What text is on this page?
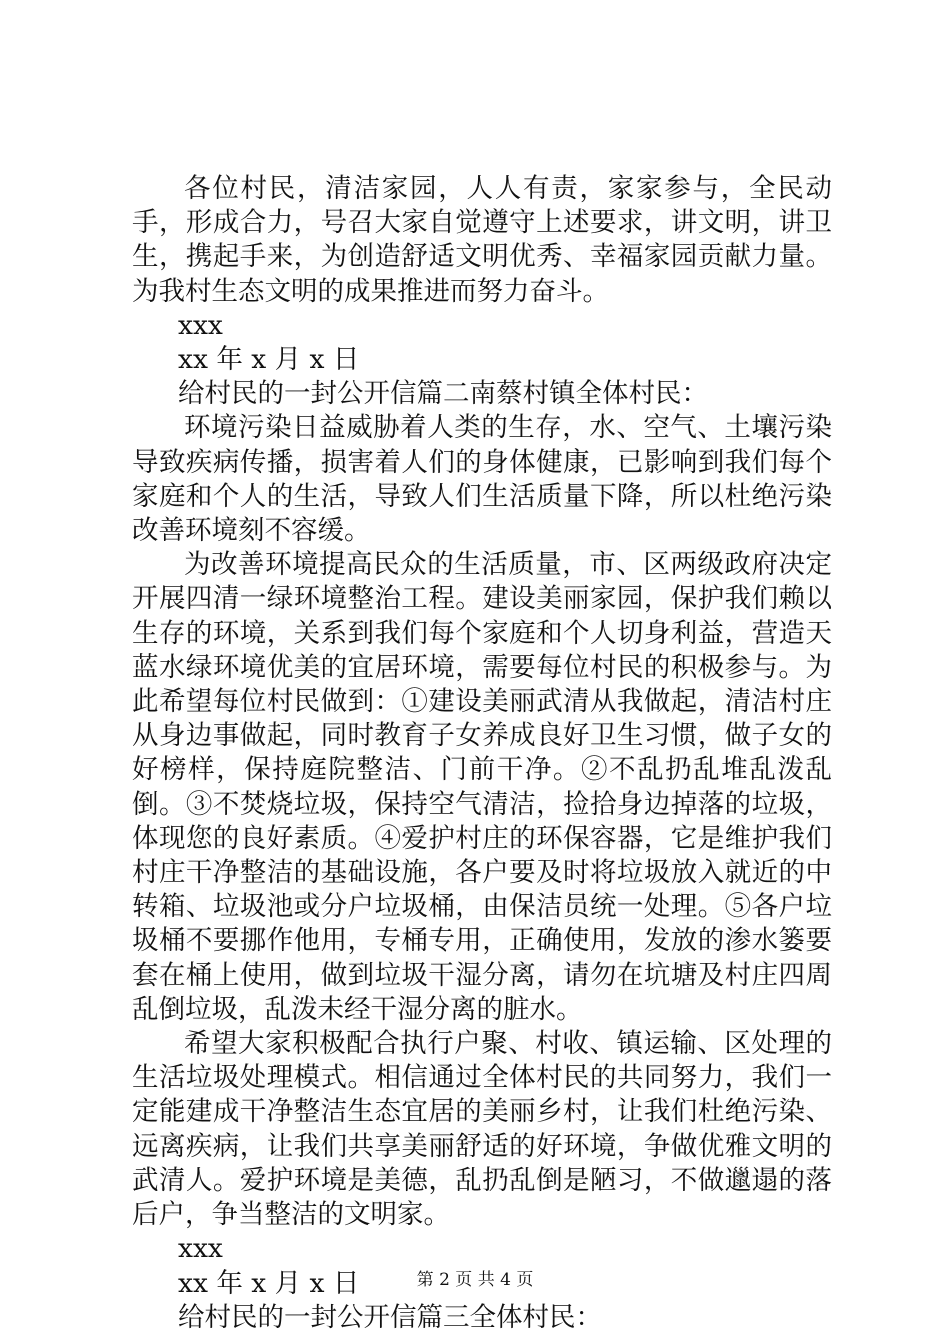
各位村民，清洁家园，人人有责，家家参与，全民动手，形成合力，号召大家自觉遵守上述要求，讲文明，讲卫生，携起手来，为创造舒适文明优秀、幸福家园贡献力量。为我村生态文明的成果推进而努力奋斗。

xxx

xx 年 x 月 x 日

给村民的一封公开信篇二南蔡村镇全体村民：

环境污染日益威胁着人类的生存，水、空气、土壤污染导致疾病传播，损害着人们的身体健康，已影响到我们每个家庭和个人的生活，导致人们生活质量下降，所以杜绝污染改善环境刻不容缓。

为改善环境提高民众的生活质量，市、区两级政府决定开展四清一绿环境整治工程。建设美丽家园，保护我们赖以生存的环境，关系到我们每个家庭和个人切身利益，营造天蓝水绿环境优美的宜居环境，需要每位村民的积极参与。为此希望每位村民做到：①建设美丽武清从我做起，清洁村庄从身边事做起，同时教育子女养成良好卫生习惯，做子女的好榜样，保持庭院整洁、门前干净。②不乱扔乱堆乱泼乱倒。③不焚烧垃圾，保持空气清洁，捡拾身边掉落的垃圾，体现您的良好素质。④爱护村庄的环保容器，它是维护我们村庄干净整洁的基础设施，各户要及时将垃圾放入就近的中转箱、垃圾池或分户垃圾桶，由保洁员统一处理。⑤各户垃圾桶不要挪作他用，专桶专用，正确使用，发放的渗水篓要套在桶上使用，做到垃圾干湿分离，请勿在坑塘及村庄四周乱倒垃圾，乱泼未经干湿分离的脏水。

希望大家积极配合执行户聚、村收、镇运输、区处理的生活垃圾处理模式。相信通过全体村民的共同努力，我们一定能建成干净整洁生态宜居的美丽乡村，让我们杜绝污染、远离疾病，让我们共享美丽舒适的好环境，争做优雅文明的武清人。爱护环境是美德，乱扔乱倒是陋习，不做邋遢的落后户，争当整洁的文明家。

xxx

xx 年 x 月 x 日

给村民的一封公开信篇三全体村民：

第 2 页 共 4 页
